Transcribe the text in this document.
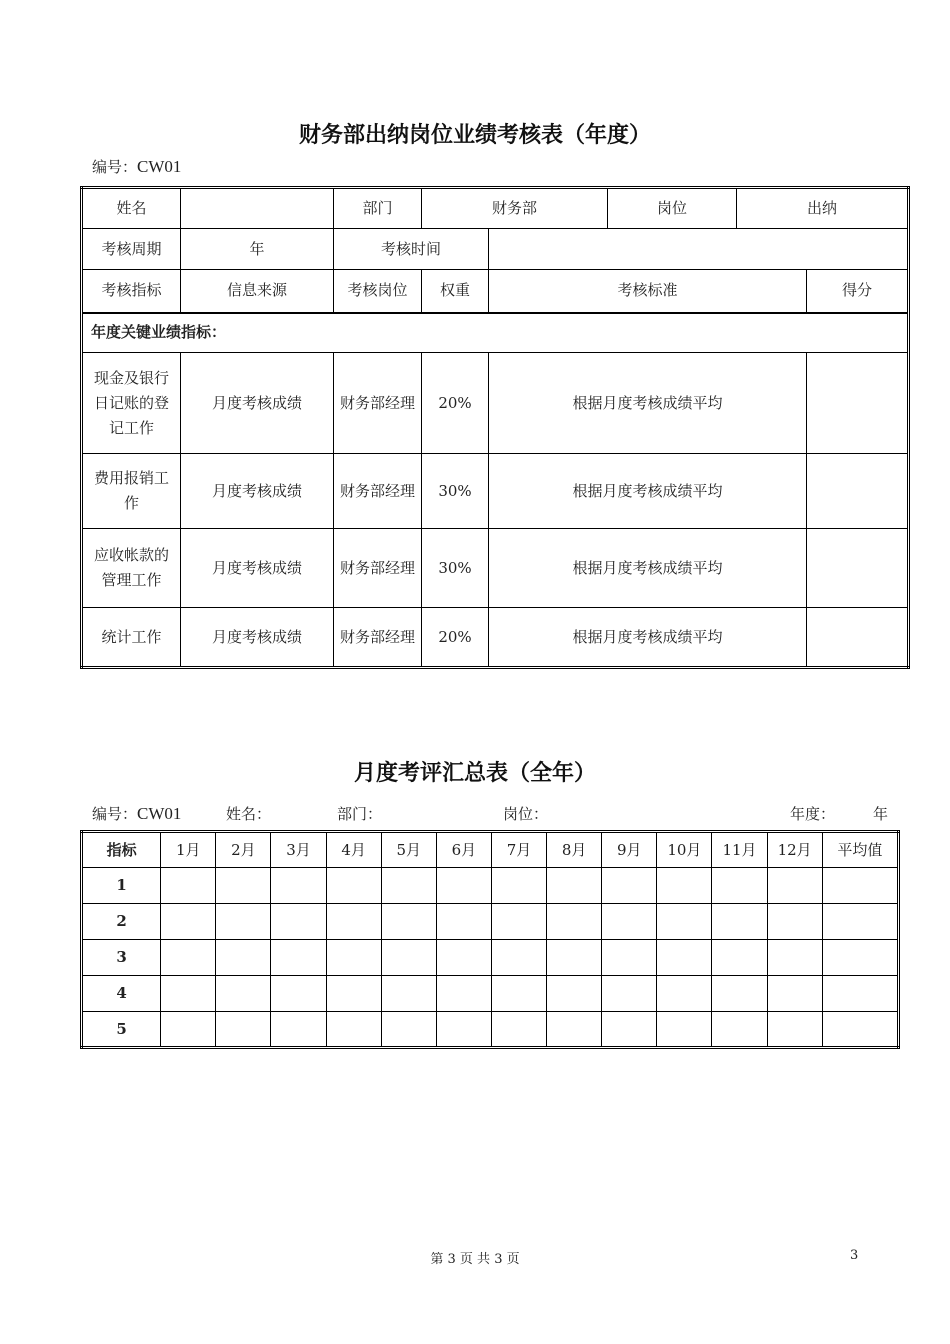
财务部出纳岗位业绩考核表（年度）
编号：CW01
姓名		部门	财务部		岗位	出纳	
考核周期	年	考核时间					
考核指标	信息来源	考核岗位	权重	考核标准			得分
年度关键业绩指标：							
现金及银行日记账的登记工作	月度考核成绩	财务部经理	20%	根据月度考核成绩平均			
费用报销工作	月度考核成绩	财务部经理	30%	根据月度考核成绩平均			
应收帐款的管理工作	月度考核成绩	财务部经理	30%	根据月度考核成绩平均			
统计工作	月度考核成绩	财务部经理	20%	根据月度考核成绩平均			
月度考评汇总表（全年）
编号：CW01	姓名：	部门：	岗位：	年度：	年
指标	1月	2月	3月	4月	5月	6月	7月	8月	9月	10月	11月	12月	平均值
1													
2													
3													
4													
5													
第 3 页 共 3 页	3
